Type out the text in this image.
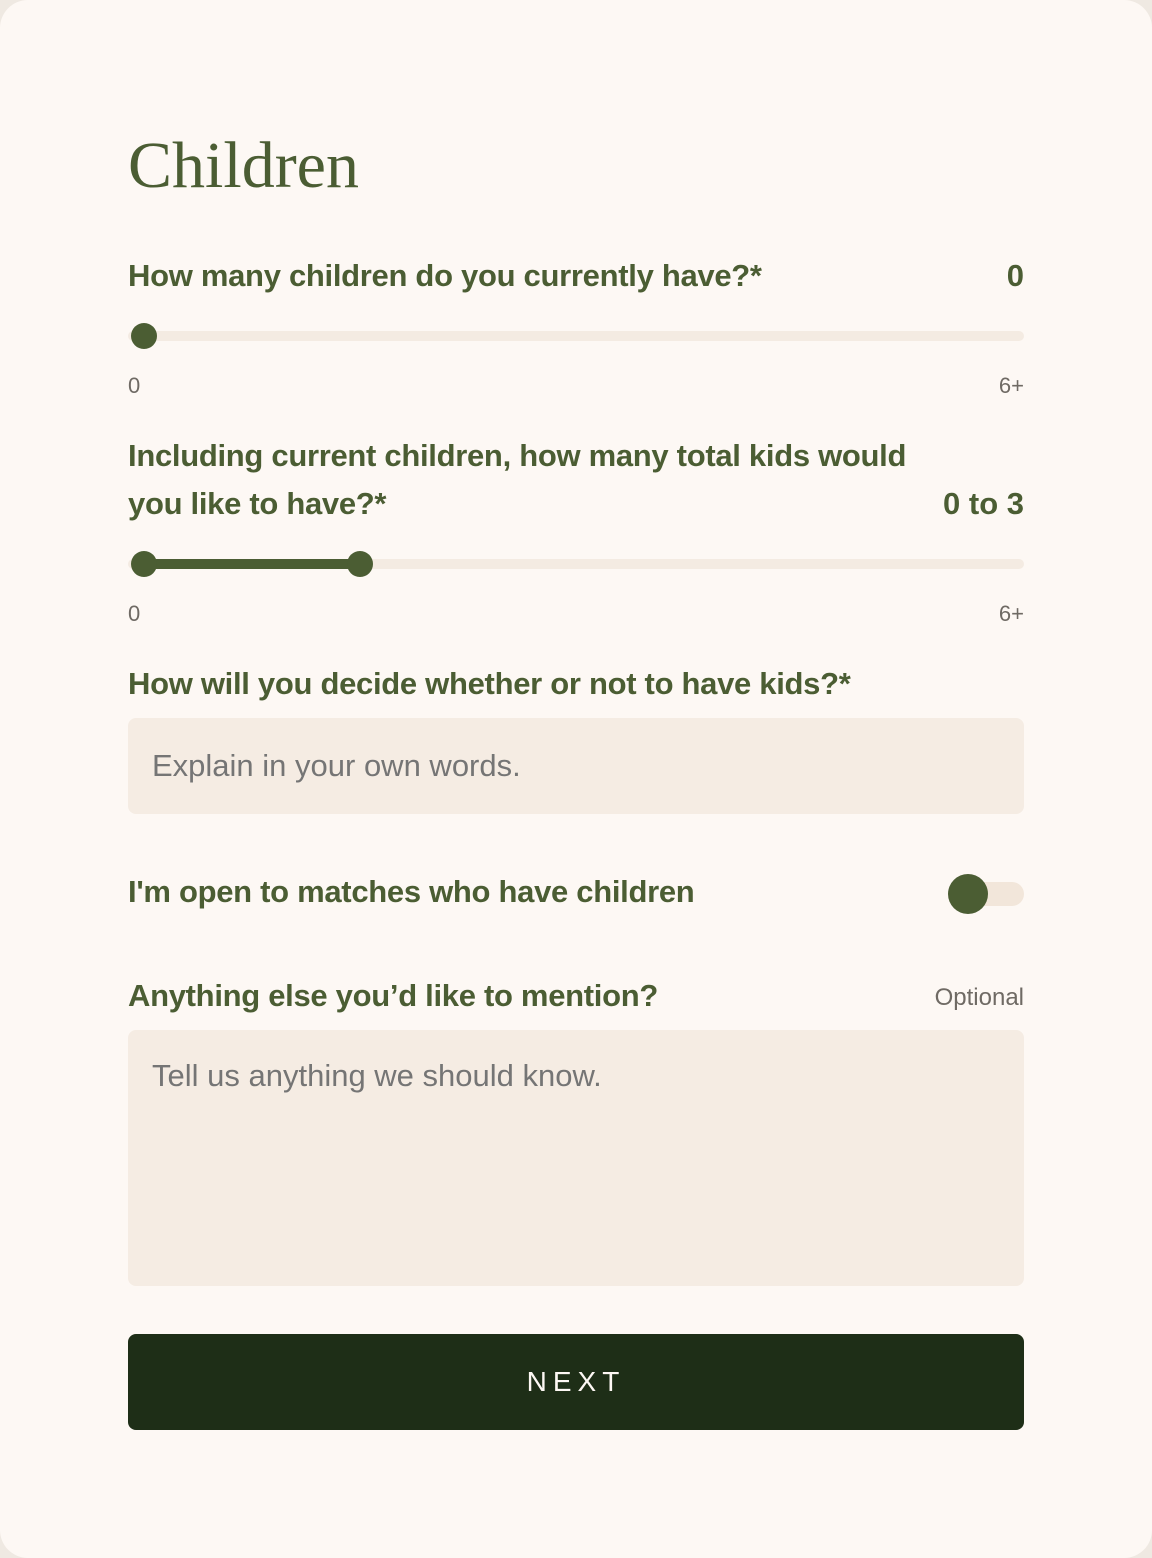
Children
How many children do you currently have?*	0
0	6+
Including current children, how many total kids would
you like to have?*	0 to 3
0	6+
How will you decide whether or not to have kids?*
Explain in your own words.
I'm open to matches who have children
Anything else you’d like to mention?	Optional
Tell us anything we should know.
NEXT
